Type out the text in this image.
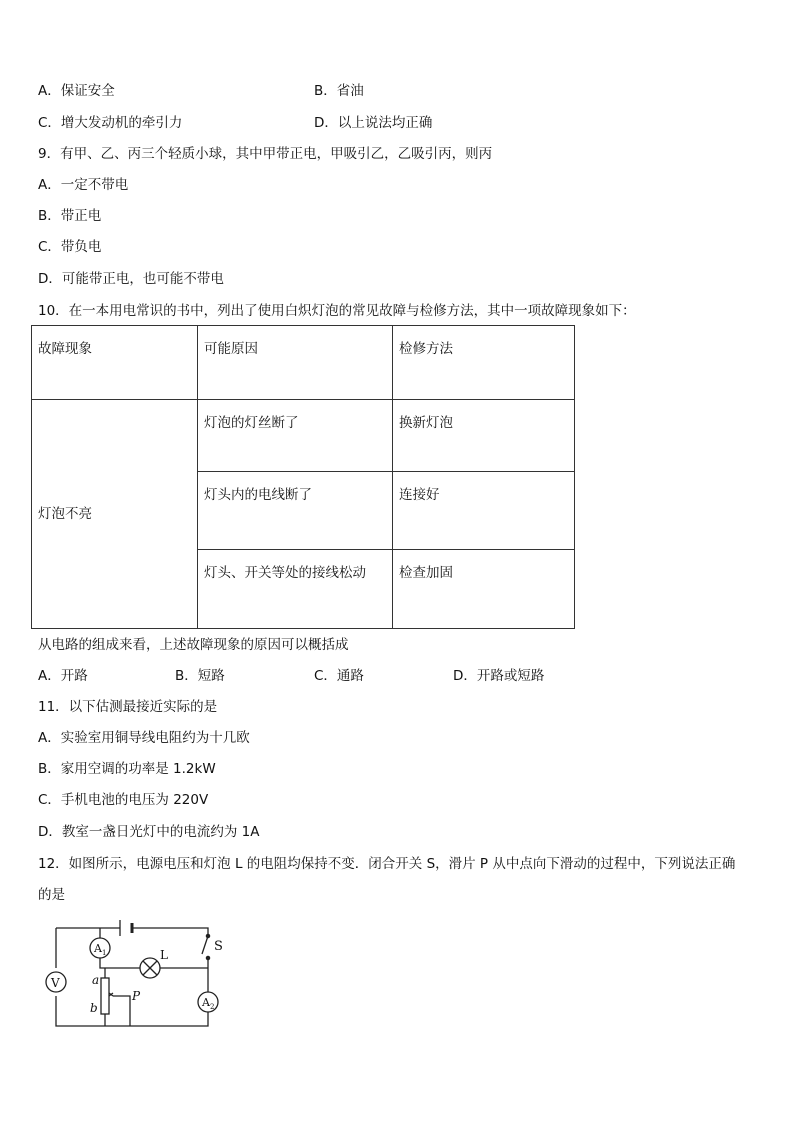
A．保证安全	B．省油
C．增大发动机的牵引力	D．以上说法均正确
9．有甲、乙、丙三个轻质小球，其中甲带正电，甲吸引乙，乙吸引丙，则丙
A．一定不带电
B．带正电
C．带负电
D．可能带正电，也可能不带电
10．在一本用电常识的书中，列出了使用白炽灯泡的常见故障与检修方法，其中一项故障现象如下：
故障现象	可能原因	检修方法
灯泡不亮	灯泡的灯丝断了	换新灯泡
	灯头内的电线断了	连接好
	灯头、开关等处的接线松动	检查加固
从电路的组成来看，上述故障现象的原因可以概括成
A．开路	B．短路	C．通路	D．开路或短路
11．以下估测最接近实际的是
A．实验室用铜导线电阻约为十几欧
B．家用空调的功率是 1.2kW
C．手机电池的电压为 220V
D．教室一盏日光灯中的电流约为 1A
12．如图所示，电源电压和灯泡 L 的电阻均保持不变．闭合开关 S，滑片 P 从中点向下滑动的过程中，下列说法正确
的是
S
$A_1$	L
V	a
b
P	$A_2$
